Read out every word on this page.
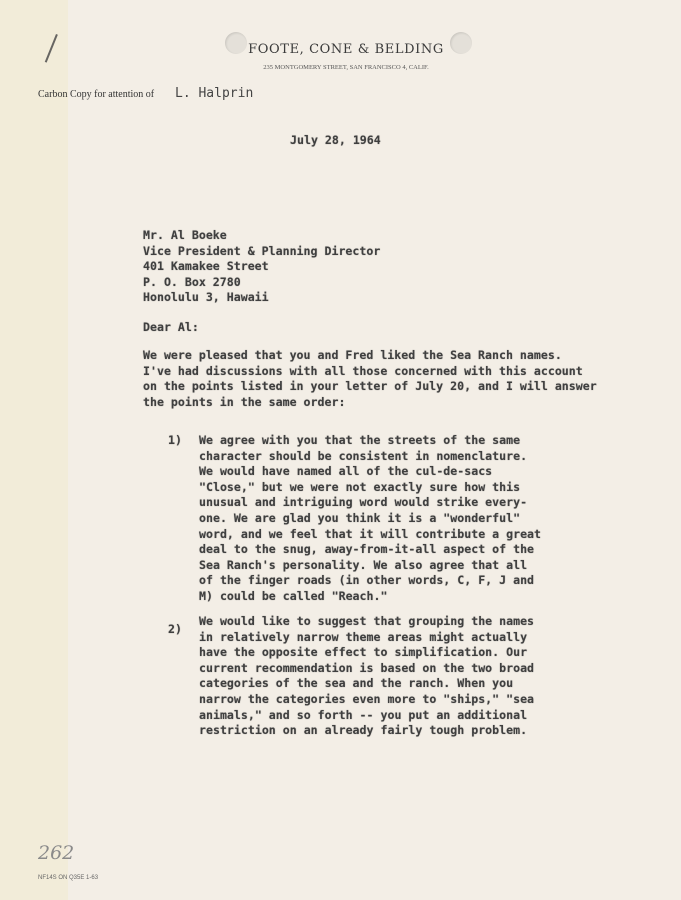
FOOTE, CONE & BELDING
235 MONTGOMERY STREET, SAN FRANCISCO 4, CALIF.
Carbon Copy for attention of L. Halprin

July 28, 1964

Mr. Al Boeke
Vice President & Planning Director
401 Kamakee Street
P. O. Box 2780
Honolulu 3, Hawaii

Dear Al:

We were pleased that you and Fred liked the Sea Ranch names.
I've had discussions with all those concerned with this account
on the points listed in your letter of July 20, and I will answer
the points in the same order:

1) We agree with you that the streets of the same
character should be consistent in nomenclature.
We would have named all of the cul-de-sacs
"Close," but we were not exactly sure how this
unusual and intriguing word would strike every-
one. We are glad you think it is a "wonderful"
word, and we feel that it will contribute a great
deal to the snug, away-from-it-all aspect of the
Sea Ranch's personality. We also agree that all
of the finger roads (in other words, C, F, J and
M) could be called "Reach."

2)

We would like to suggest that grouping the names
in relatively narrow theme areas might actually
have the opposite effect to simplification. Our
current recommendation is based on the two broad
categories of the sea and the ranch. When you
narrow the categories even more to "ships," "sea
animals," and so forth -- you put an additional
restriction on an already fairly tough problem.
262
NF14S ON Q35E 1-63
